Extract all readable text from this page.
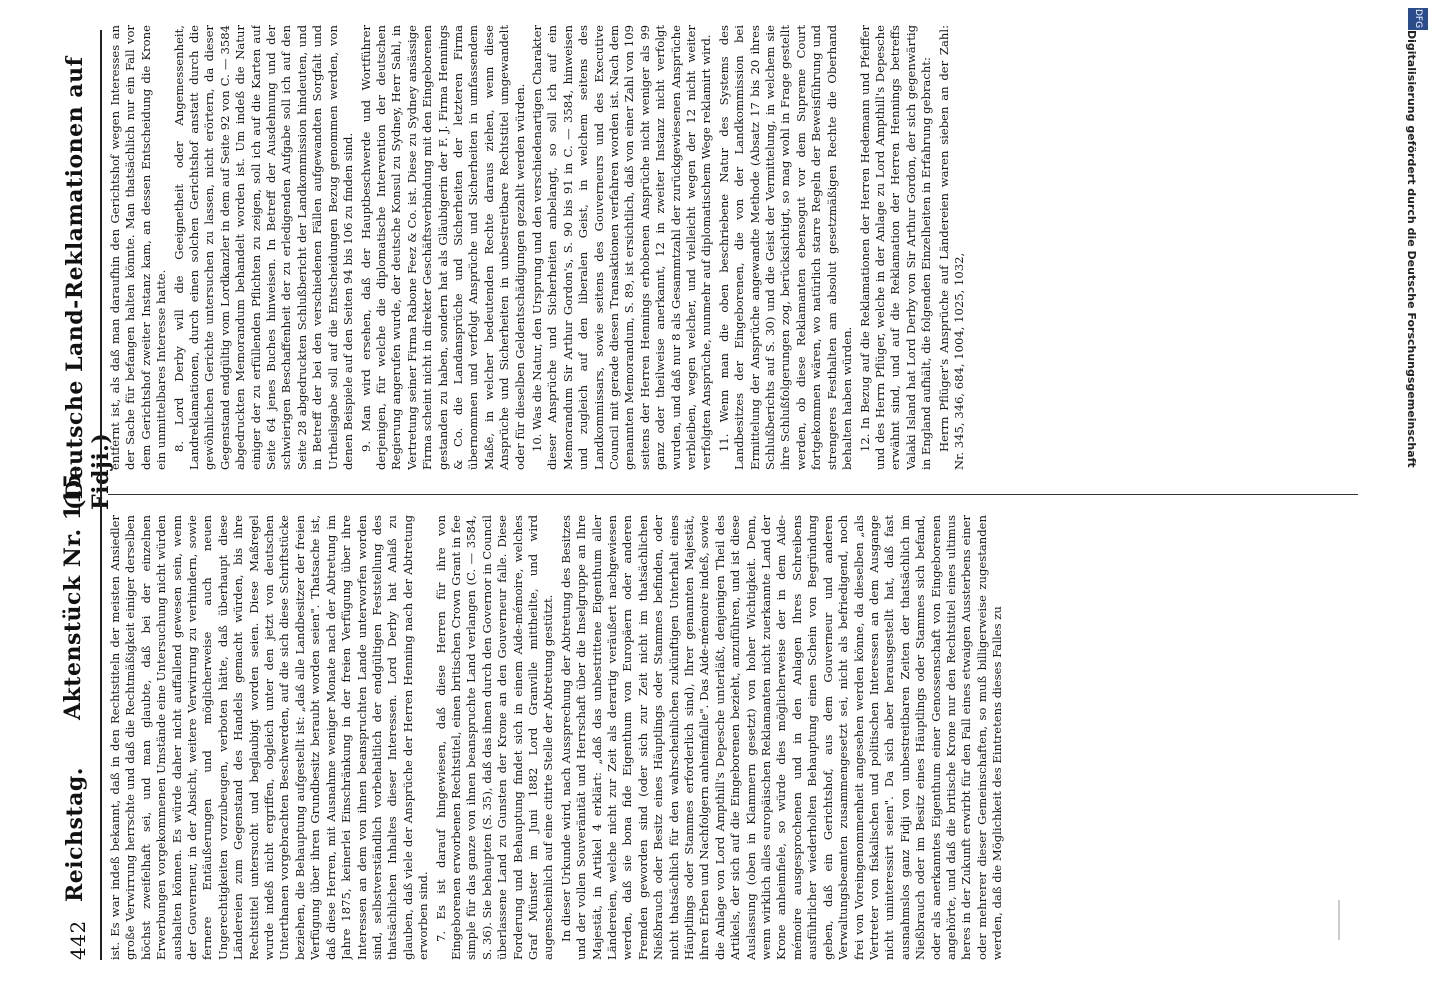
442
Reichstag.
Aktenstück Nr. 115.
(Deutsche Land-Reklamationen auf Fidji.)

ist. Es war indeß bekannt, daß in den Rechtstiteln der meisten Ansiedler große Verwirrung herrschte und daß die Rechtmäßigkeit einiger derselben höchst zweifelhaft sei, und man glaubte, daß bei der einzelnen Erwerbungen vorgekommenen Umstände eine Untersuchung nicht würden aushalten können. Es würde daher nicht auffallend gewesen sein, wenn der Gouverneur, in der Absicht, weitere Verwirrung zu verhindern, sowie fernere Entäußerungen und möglicherweise auch neuen Ungerechtigkeiten vorzubeugen, verboten hätte, daß überhaupt diese Ländereien zum Gegenstand des Handels gemacht würden, bis ihre Rechtstitel untersucht und beglaubigt worden seien. Diese Maßregel wurde indeß nicht ergriffen, obgleich unter den jetzt von deutschen Unterthanen vorgebrachten Beschwerden, auf die sich diese Schriftstücke beziehen, die Behauptung aufgestellt ist: „daß alle Landbesitzer der freien Verfügung über ihren Grundbesitz beraubt worden seien". Thatsache ist, daß diese Herren, mit Ausnahme weniger Monate nach der Abtretung im Jahre 1875, keinerlei Einschränkung in der freien Verfügung über ihre Interessen an dem von ihnen beanspruchten Lande unterworfen worden sind, selbstverständlich vorbehaltlich der endgültigen Feststellung des thatsächlichen Inhaltes dieser Interessen. Lord Derby hat Anlaß zu glauben, daß viele der Ansprüche der Herren Henning nach der Abtretung erworben sind. 7. Es ist darauf hingewiesen, daß diese Herren für ihre von Eingeborenen erworbenen Rechtstitel, einen britischen Crown Grant in fee simple für das ganze von ihnen beanspruchte Land verlangen (C. — 3584, S. 36). Sie behaupten (S. 35), daß das ihnen durch den Governor in Council überlassene Land zu Gunsten der Krone an den Gouverneur falle. Diese Forderung und Behauptung findet sich in einem Aide-mémoire, welches Graf Münster im Juni 1882 Lord Granville mittheilte, und wird augenscheinlich auf eine citirte Stelle der Abtretung gestützt. In dieser Urkunde wird, nach Aussprechung der Abtretung des Besitzes und der vollen Souveränität und Herrschaft über die Inselgruppe an Ihre Majestät, in Artikel 4 erklärt: „daß das unbestrittene Eigenthum aller Ländereien, welche nicht zur Zeit als derartig veräußert nachgewiesen werden, daß sie bona fide Eigenthum von Europäern oder anderen Fremden geworden sind (oder sich zur Zeit nicht im thatsächlichen Nießbrauch oder Besitz eines Häuptlings oder Stammes befinden, oder nicht thatsächlich für den wahrscheinlichen zukünftigen Unterhalt eines Häuptlings oder Stammes erforderlich sind), Ihrer genannten Majestät, ihren Erben und Nachfolgern anheimfalle". Das Aide-mémoire indeß, sowie die Anlage von Lord Ampthill's Depesche unterläßt, denjenigen Theil des Artikels, der sich auf die Eingeborenen bezieht, anzuführen, und ist diese Auslassung (oben in Klammern gesetzt) von hoher Wichtigkeit. Denn, wenn wirklich alles europäischen Reklamanten nicht zuerkannte Land der Krone anheimfiele, so würde dies möglicherweise der in dem Aide-mémoire ausgesprochenen und in den Anlagen Ihres Schreibens ausführlicher wiederholten Behauptung einen Schein von Begründung geben, daß ein Gerichtshof, aus dem Gouverneur und anderen Verwaltungsbeamten zusammengesetzt sei, nicht als befriedigend, noch frei von Voreingenommenheit angesehen werden könne, da dieselben „als Vertreter von fiskalischen und politischen Interessen an dem Ausgange nicht uninteressirt seien". Da sich aber herausgestellt hat, daß fast ausnahmslos ganz Fidji von unbestreitbaren Zeiten der thatsächlich im Nießbrauch oder im Besitz eines Häuptlings oder Stammes sich befand, oder als anerkanntes Eigenthum einer Genossenschaft von Eingeborenen angehörte, und daß die britische Krone nur den Rechtstitel eines ultimus heres in der Zukunft erwirbt für den Fall eines etwaigen Aussterbens einer oder mehrerer dieser Gemeinschaften, so muß billigerweise zugestanden werden, daß die Möglichkeit des Eintretens dieses Falles zu

entfernt ist, als daß man daraufhin den Gerichtshof wegen Interesses an der Sache für befangen halten könnte. Man thatsächlich nur ein Fall vor dem Gerichtshof zweiter Instanz kam, an dessen Entscheidung die Krone ein unmittelbares Interesse hatte. 8. Lord Derby will die Geeignetheit oder Angemessenheit, Landreklamationen, durch einen solchen Gerichtshof anstatt durch die gewöhnlichen Gerichte untersuchen zu lassen, nicht erörtern, da dieser Gegenstand endgültig vom Lordkanzler in dem auf Seite 92 von C. — 3584 abgedruckten Memorandum behandelt worden ist. Um indeß die Natur einiger der zu erfüllenden Pflichten zu zeigen, soll ich auf die Karten auf Seite 64 jenes Buches hinweisen. In Betreff der Ausdehnung und der schwierigen Beschaffenheit der zu erledigenden Aufgabe soll ich auf den Seite 28 abgedruckten Schlußbericht der Landkommission hindeuten, und in Betreff der bei den verschiedenen Fällen aufgewandten Sorgfalt und Urtheilsgabe soll auf die Entscheidungen Bezug genommen werden, von denen Beispiele auf den Seiten 94 bis 106 zu finden sind. 9. Man wird ersehen, daß der Hauptbeschwerde und Wortführer derjenigen, für welche die diplomatische Intervention der deutschen Regierung angerufen wurde, der deutsche Konsul zu Sydney, Herr Sahl, in Vertretung seiner Firma Rabone Feez & Co. ist. Diese zu Sydney ansässige Firma scheint nicht in direkter Geschäftsverbindung mit den Eingeborenen gestanden zu haben, sondern hat als Gläubigerin der F. J. Firma Hennings & Co. die Landansprüche und Sicherheiten der letzteren Firma übernommen und verfolgt Ansprüche und Sicherheiten in umfassendem Maße, in welcher bedeutenden Rechte daraus ziehen, wenn diese Ansprüche und Sicherheiten in unbestreitbare Rechtstitel umgewandelt oder für dieselben Geldentschädigungen gezahlt werden würden. 10. Was die Natur, den Ursprung und den verschiedenartigen Charakter dieser Ansprüche und Sicherheiten anbelangt, so soll ich auf ein Memorandum Sir Arthur Gordon's, S. 90 bis 91 in C. — 3584, hinweisen und zugleich auf den liberalen Geist, in welchem seitens des Landkommissars, sowie seitens des Gouverneurs und des Executive Council mit gerade diesen Transaktionen verfahren worden ist. Nach dem genannten Memorandum, S. 89, ist ersichtlich, daß von einer Zahl von 109 seitens der Herren Hennings erhobenen Ansprüche nicht weniger als 99 ganz oder theilweise anerkannt, 12 in zweiter Instanz nicht verfolgt wurden, und daß nur 8 als Gesammtzahl der zurückgewiesenen Ansprüche verbleiben, wegen welcher, und vielleicht wegen der 12 nicht weiter verfolgten Ansprüche, nunmehr auf diplomatischem Wege reklamirt wird. 11. Wenn man die oben beschriebene Natur des Systems des Landbesitzes der Eingeborenen, die von der Landkommission bei Ermittelung der Ansprüche angewandte Methode (Absatz 17 bis 20 ihres Schlußberichts auf S. 30) und die Geist der Vermittelung, in welchem sie ihre Schlußfolgerungen zog, berücksichtigt, so mag wohl in Frage gestellt werden, ob diese Reklamanten ebensogut vor dem Supreme Court fortgekommen wären, wo natürlich starre Regeln der Beweisführung und strengeres Festhalten am absolut gesetzmäßigen Rechte die Oberhand behalten haben würden. 12. In Bezug auf die Reklamationen der Herren Hedemann und Pfeiffer und des Herrn Pflüger, welche in der Anlage zu Lord Ampthill's Depesche erwähnt sind, und auf die Reklamation der Herren Hennings betreffs Valaki Island hat Lord Derby von Sir Arthur Gordon, der sich gegenwärtig in England aufhält, die folgenden Einzelheiten in Erfahrung gebracht: Herrn Pflüger's Ansprüche auf Ländereien waren sieben an der Zahl: Nr. 345, 346, 684, 1004, 1025, 1032,

DFG
Digitalisierung gefördert durch die Deutsche Forschungsgemeinschaft
